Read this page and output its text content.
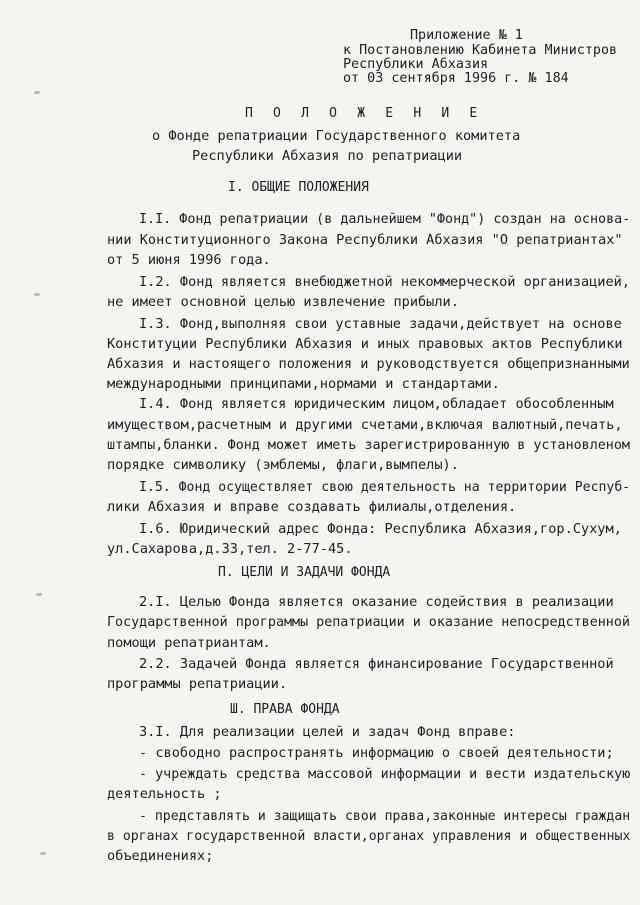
Приложение № 1
к Постановлению Кабинета Министров
Республики Абхазия
от 03 сентября 1996 г. № 184
П О Л О Ж Е Н И Е
о Фонде репатриации Государственного комитета
Республики Абхазия по репатриации
I. ОБЩИЕ ПОЛОЖЕНИЯ
I.I. Фонд репатриации (в дальнейшем "Фонд") создан на основа-
нии Конституционного Закона Республики Абхазия "О репатриантах"
от 5 июня 1996 года.
I.2. Фонд является внебюджетной некоммерческой организацией,
не имеет основной целью извлечение прибыли.
I.3. Фонд,выполняя свои уставные задачи,действует на основе
Конституции Республики Абхазия и иных правовых актов Республики
Абхазия и настоящего положения и руководствуется общепризнанными
международными принципами,нормами и стандартами.
I.4. Фонд является юридическим лицом,обладает обособленным
имуществом,расчетным и другими счетами,включая валютный,печать,
штампы,бланки. Фонд может иметь зарегистрированную в установленом
порядке символику (эмблемы, флаги,вымпелы).
I.5. Фонд осуществляет свою деятельность на территории Респуб-
лики Абхазия и вправе создавать филиалы,отделения.
I.6. Юридический адрес Фонда: Республика Абхазия,гор.Сухум,
ул.Сахарова,д.33,тел. 2-77-45.
П. ЦЕЛИ И ЗАДАЧИ ФОНДА
2.I. Целью Фонда является оказание содействия в реализации
Государственной программы репатриации и оказание непосредственной
помощи репатриантам.
2.2. Задачей Фонда является финансирование Государственной
программы репатриации.
Ш. ПРАВА ФОНДА
3.I. Для реализации целей и задач Фонд вправе:
- свободно распространять информацию о своей деятельности;
- учреждать средства массовой информации и вести издательскую
деятельность ;
- представлять и защищать свои права,законные интересы граждан
в органах государственной власти,органах управления и общественных
объединениях;
